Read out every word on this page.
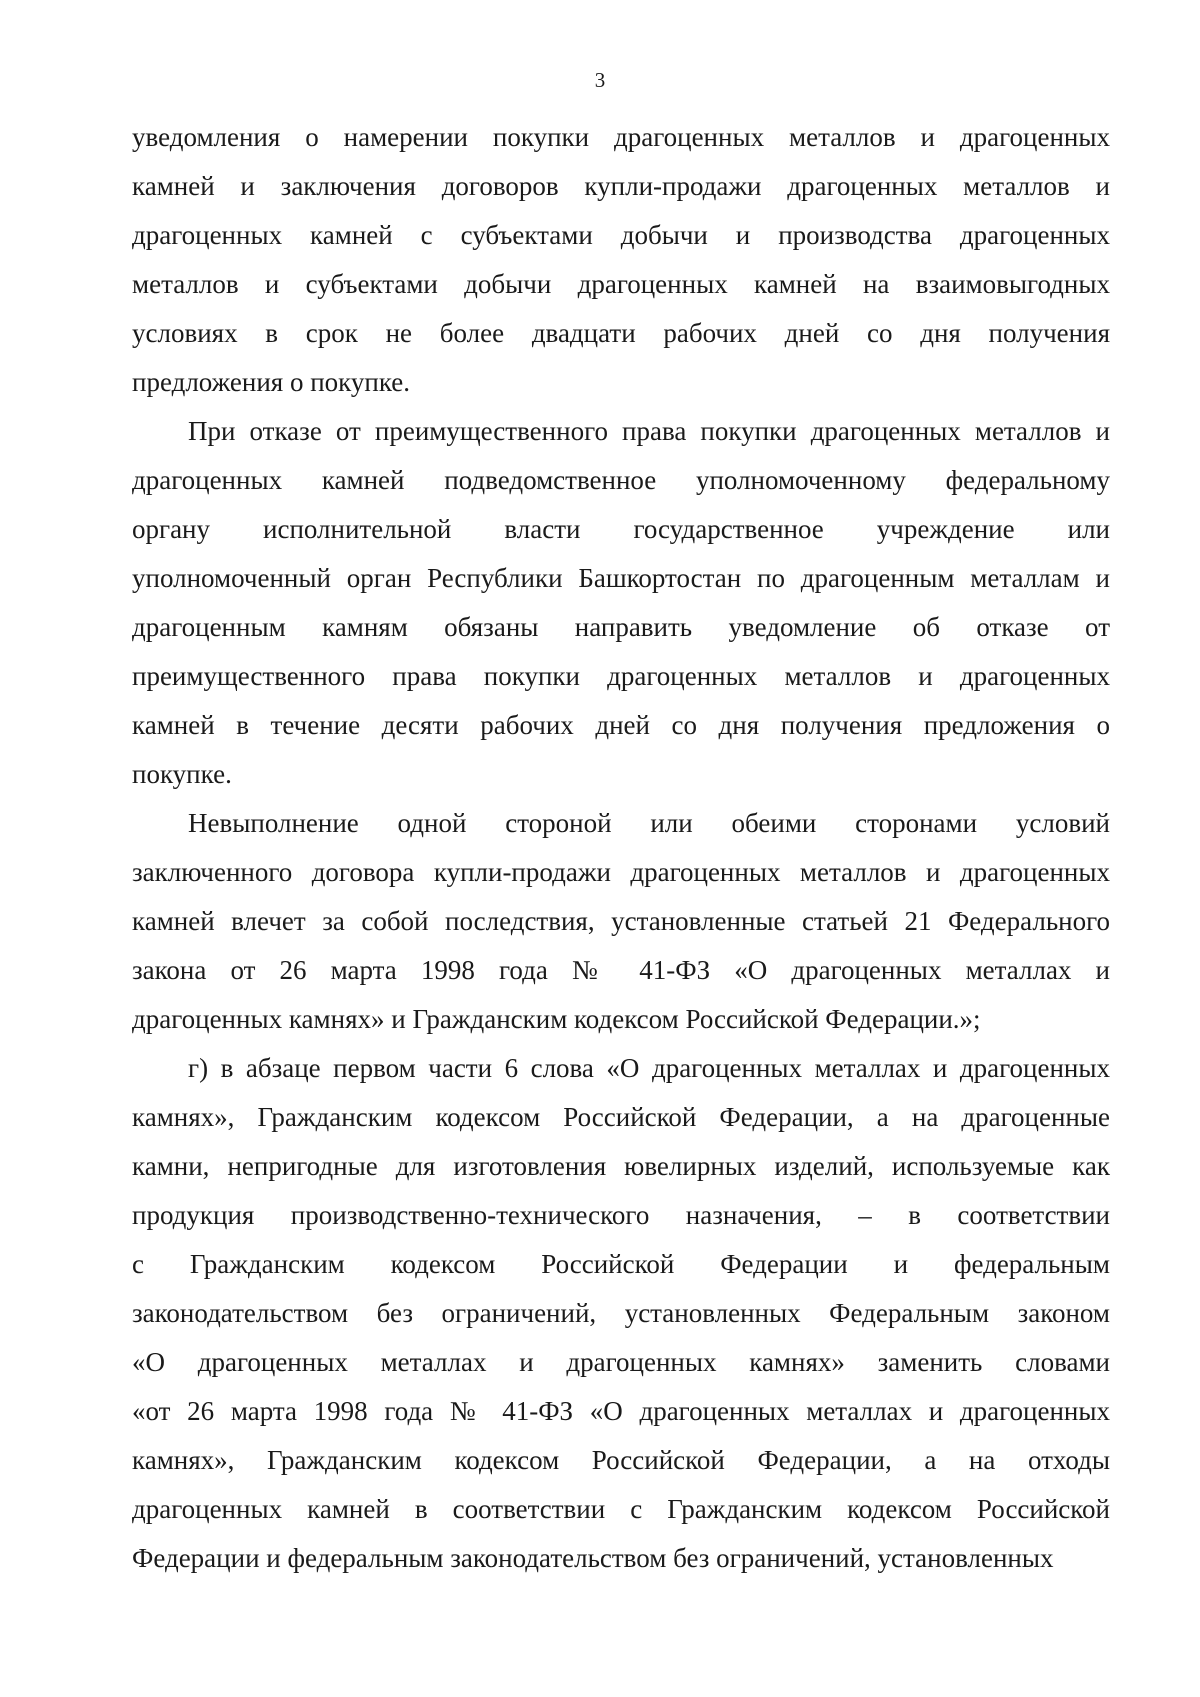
3
уведомления о намерении покупки драгоценных металлов и драгоценных
камней и заключения договоров купли-продажи драгоценных металлов и
драгоценных камней с субъектами добычи и производства драгоценных
металлов и субъектами добычи драгоценных камней на взаимовыгодных
условиях в срок не более двадцати рабочих дней со дня получения
предложения о покупке.
При отказе от преимущественного права покупки драгоценных металлов и
драгоценных камней подведомственное уполномоченному федеральному
органу исполнительной власти государственное учреждение или
уполномоченный орган Республики Башкортостан по драгоценным металлам и
драгоценным камням обязаны направить уведомление об отказе от
преимущественного права покупки драгоценных металлов и драгоценных
камней в течение десяти рабочих дней со дня получения предложения о
покупке.
Невыполнение одной стороной или обеими сторонами условий
заключенного договора купли-продажи драгоценных металлов и драгоценных
камней влечет за собой последствия, установленные статьей 21 Федерального
закона от 26 марта 1998 года № 41-ФЗ «О драгоценных металлах и
драгоценных камнях» и Гражданским кодексом Российской Федерации.»;
г) в абзаце первом части 6 слова «О драгоценных металлах и драгоценных
камнях», Гражданским кодексом Российской Федерации, а на драгоценные
камни, непригодные для изготовления ювелирных изделий, используемые как
продукция производственно-технического назначения, – в соответствии
с Гражданским кодексом Российской Федерации и федеральным
законодательством без ограничений, установленных Федеральным законом
«О драгоценных металлах и драгоценных камнях» заменить словами
«от 26 марта 1998 года № 41-ФЗ «О драгоценных металлах и драгоценных
камнях», Гражданским кодексом Российской Федерации, а на отходы
драгоценных камней в соответствии с Гражданским кодексом Российской
Федерации и федеральным законодательством без ограничений, установленных
